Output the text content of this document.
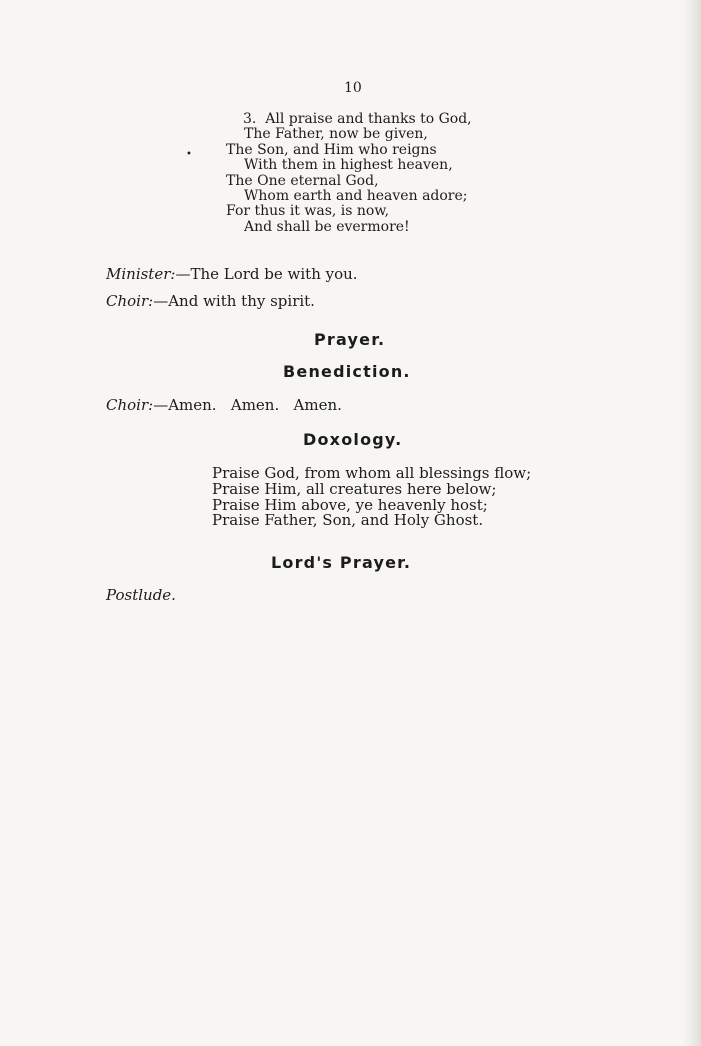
10
3. All praise and thanks to God,
The Father, now be given,
The Son, and Him who reigns
With them in highest heaven,
The One eternal God,
Whom earth and heaven adore;
For thus it was, is now,
And shall be evermore!
•
Minister:—The Lord be with you.
Choir:—And with thy spirit.
Prayer.
Benediction.
Choir:—Amen.   Amen.   Amen.
Doxology.
Praise God, from whom all blessings flow;
Praise Him, all creatures here below;
Praise Him above, ye heavenly host;
Praise Father, Son, and Holy Ghost.
Lord's Prayer.
Postlude.
